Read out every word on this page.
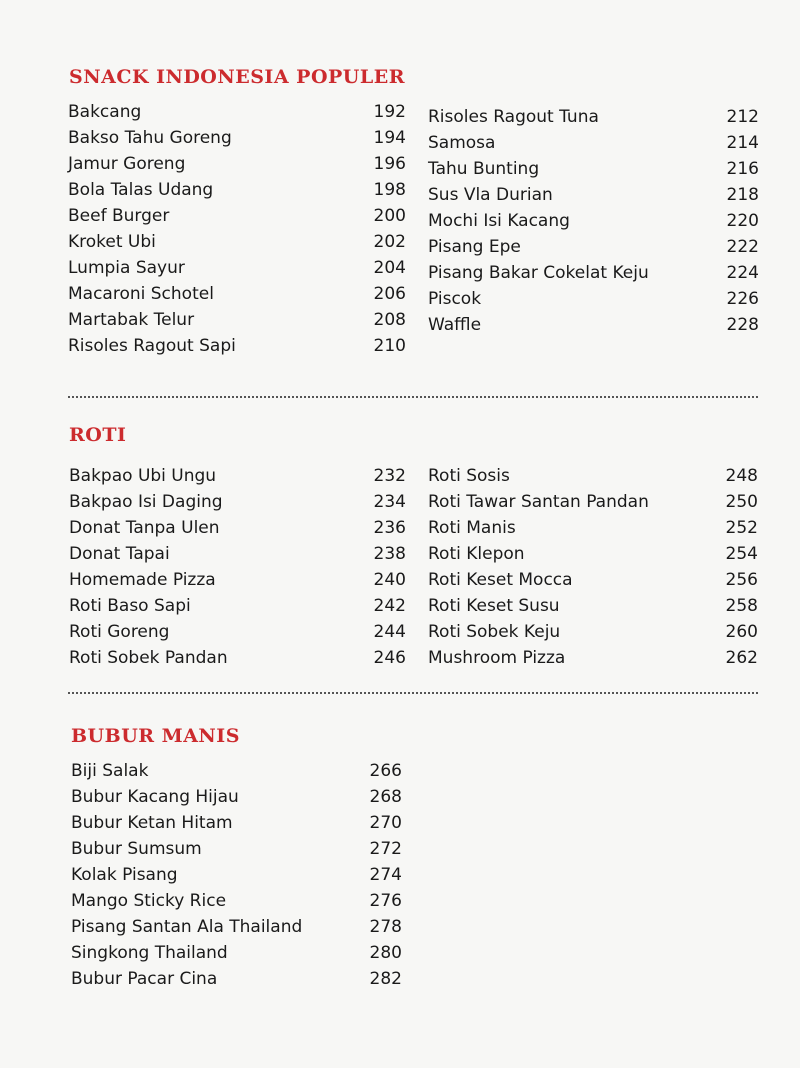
SNACK INDONESIA POPULER
Bakcang	192
Bakso Tahu Goreng	194
Jamur Goreng	196
Bola Talas Udang	198
Beef Burger	200
Kroket Ubi	202
Lumpia Sayur	204
Macaroni Schotel	206
Martabak Telur	208
Risoles Ragout Sapi	210
Risoles Ragout Tuna	212
Samosa	214
Tahu Bunting	216
Sus Vla Durian	218
Mochi Isi Kacang	220
Pisang Epe	222
Pisang Bakar Cokelat Keju	224
Piscok	226
Waffle	228
ROTI
Bakpao Ubi Ungu	232
Bakpao Isi Daging	234
Donat Tanpa Ulen	236
Donat Tapai	238
Homemade Pizza	240
Roti Baso Sapi	242
Roti Goreng	244
Roti Sobek Pandan	246
Roti Sosis	248
Roti Tawar Santan Pandan	250
Roti Manis	252
Roti Klepon	254
Roti Keset Mocca	256
Roti Keset Susu	258
Roti Sobek Keju	260
Mushroom Pizza	262
BUBUR MANIS
Biji Salak	266
Bubur Kacang Hijau	268
Bubur Ketan Hitam	270
Bubur Sumsum	272
Kolak Pisang	274
Mango Sticky Rice	276
Pisang Santan Ala Thailand	278
Singkong Thailand	280
Bubur Pacar Cina	282
